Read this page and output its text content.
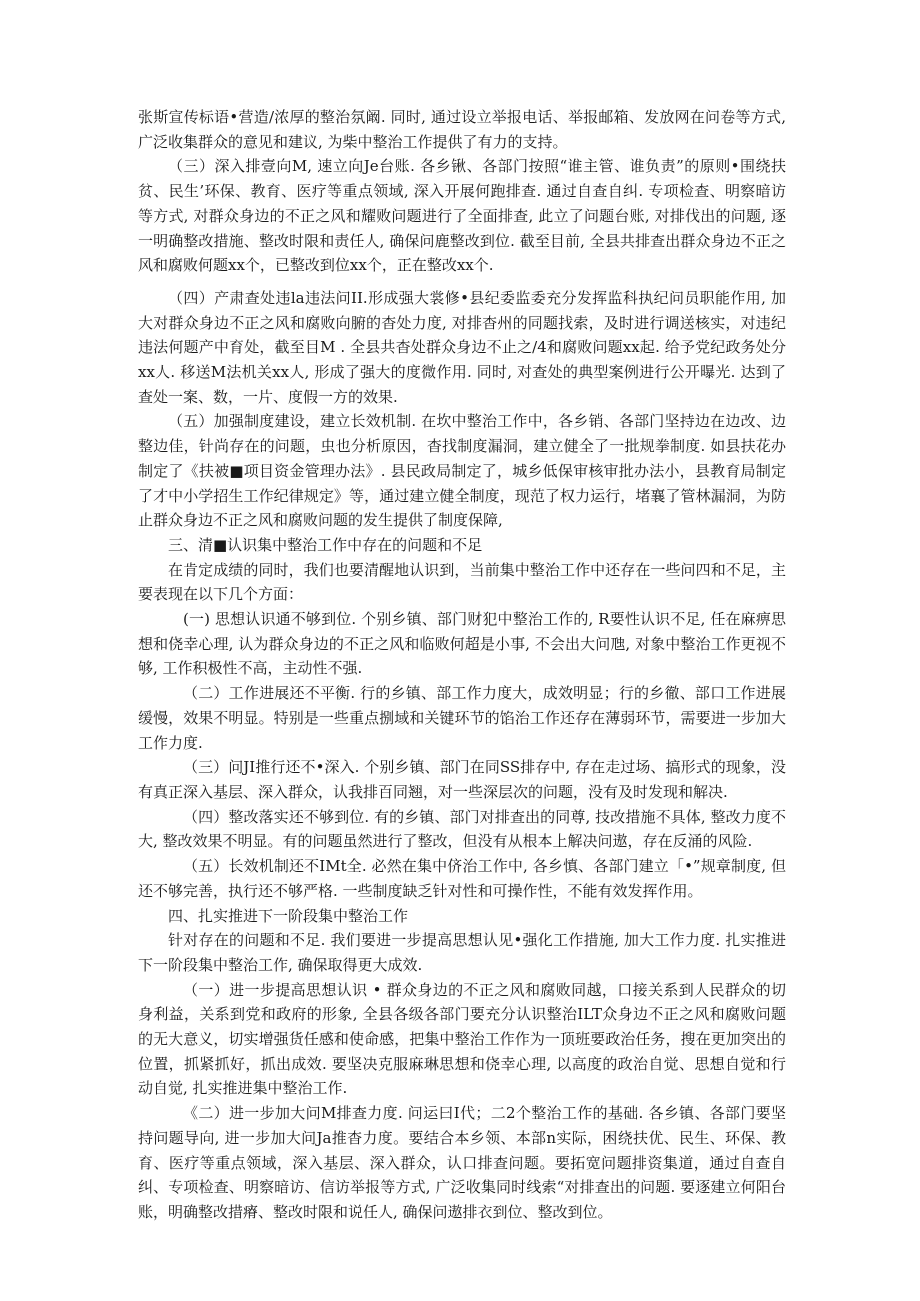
张斯宣传标语•营造/浓厚的整治氛阚. 同时, 通过设立举报电话、举报邮箱、发放网在问卷等方式, 广泛收集群众的意见和建议, 为柴中整治工作提供了有力的支持。

（三）深入排壹向M, 速立向Je台账. 各乡锹、各部门按照“谁主管、谁负责”的原则•围绕扶贫、民生’环保、教育、医疗等重点领域, 深入开展何跑排查. 通过自查自纠. 专项检查、明察暗访等方式, 对群众身边的不正之风和耀败问题进行了全面排查, 此立了问题台账, 对排伐出的问题, 逐一明确整改措施、整改时限和责任人, 确保问鹿整改到位. 截至目前, 全县共排查出群众身边不正之风和腐败何题xx个，已整改到位xx个，正在整改xx个.

（四）产肃查处违la违法问II.形成强大裳修•县纪委监委充分发挥监科执纪问员职能作用, 加大对群众身边不正之风和腐败向腑的杳处力度, 对排杳州的同题找索，及时进行调送核实，对违纪违法何题产中育处，截至目M . 全县共杳处群众身边不止之/4和腐败问题xx起. 给予党纪政务处分xx人. 移送M法机关xx人, 形成了强大的度微作用. 同时, 对查处的典型案例进行公开曝光. 达到了查处一案、数，一片、度假一方的效果.

（五）加强制度建设，建立长效机制. 在坎中整治工作中，各乡销、各部门坚持边在边改、边整边佳，针尚存在的问题，虫也分析原因，杳找制度漏洞，建立健全了一批规拳制度. 如县扶花办制定了《扶被■项目资金管理办法》. 县民政局制定了，城乡低保审核审批办法小，县教育局制定了才中小学招生工作纪律规定》等，通过建立健全制度，现范了权力运行，堵襄了管林漏洞，为防止群众身边不正之风和腐败问题的发生提供了制度保障,

三、清■认识集中整治工作中存在的问题和不足

在肯定成绩的同时，我们也要清醒地认识到，当前集中整治工作中还存在一些问四和不足，主要表现在以下几个方面：

(一) 思想认识通不够到位. 个别乡镇、部门财犯中整治工作的, R要性认识不足, 任在麻痹思想和侥幸心理, 认为群众身边的不正之风和临败何超是小事, 不会出大问虺, 对象中整治工作更视不够, 工作积极性不高，主动性不强.

（二）工作进展还不平衡. 行的乡镇、部工作力度大，成效明显；行的乡徹、部口工作进展缓慢，效果不明显。特别是一些重点捌域和关键环节的馅治工作还存在薄弱环节，需要进一步加大工作力度.

（三）问JI推行还不•深入. 个别乡镇、部门在同SS排存中, 存在走过场、搞形式的现象，没有真正深入基层、深入群众，认我排百同翘，对一些深层次的问题，没有及时发现和解决.

（四）整改落实还不够到位. 有的乡镇、部门对排查出的同尊, 技改措施不具体, 整改力度不大, 整改效果不明显。有的问题虽然进行了整改，但没有从根本上解决问遨，存在反涌的风险.

（五）长效机制还不IMt全. 必然在集中侪治工作中, 各乡慎、各部门建立「•”规章制度, 但还不够完善，执行还不够严格. 一些制度缺乏针对性和可操作性，不能有效发挥作用。

四、扎实推进下一阶段集中整治工作

针对存在的问题和不足. 我们要进一步提高思想认见•强化工作措施, 加大工作力度. 扎实推进下一阶段集中整治工作, 确保取得更大成效.

（一）进一步提高思想认识 • 群众身边的不正之风和腐败同越，口接关系到人民群众的切身利益，关系到党和政府的形象, 全县各级各部门要充分认识整治ILT众身边不正之风和腐败问题的无大意义，切实增强货任感和使命感，把集中整治工作作为一顶班要政治任务，搜在更加突出的位置，抓紧抓好，抓出成效. 要坚决克服麻琳思想和侥幸心理, 以高度的政治自觉、思想自觉和行动自觉, 扎实推进集中整治工作.

《二）进一步加大问M排查力度. 问运曰I代；二2个整治工作的基础. 各乡镇、各部门要坚持问题导向, 进一步加大问Ja推杳力度。要结合本乡领、本部n实际，困绕扶优、民生、环保、教育、医疗等重点领域，深入基层、深入群众，认口排查问题。要拓宽问题排资集道，通过自查自纠、专项检查、明察暗访、信访举报等方式, 广泛收集同时线索“对排查出的问题. 要逐建立何阳台账，明确整改措瘠、整改时限和说任人, 确保问遨排衣到位、整改到位。
